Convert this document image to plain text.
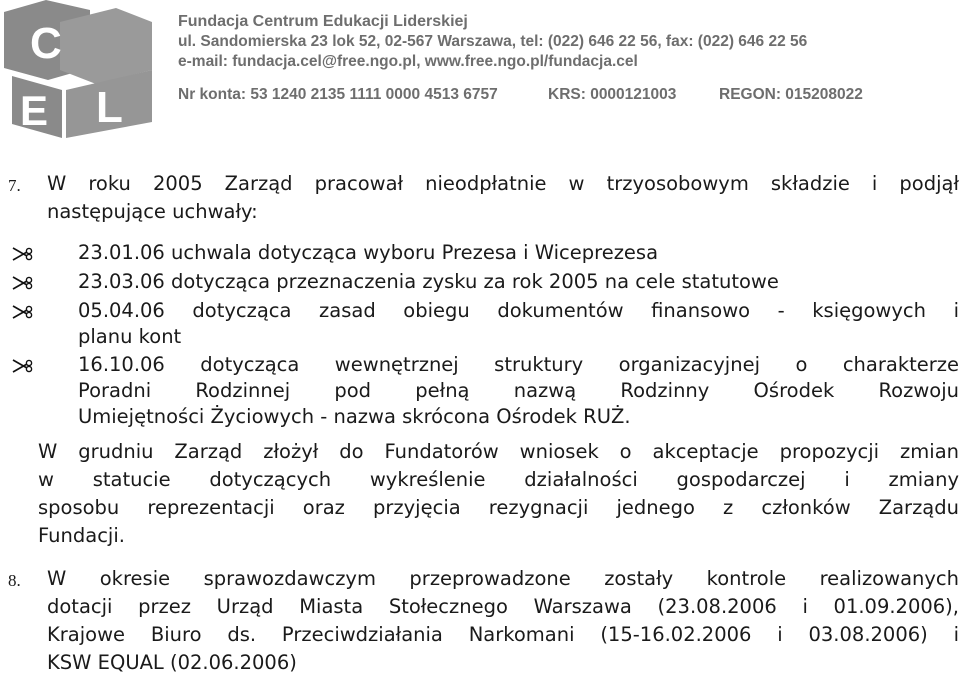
C
E L
Fundacja Centrum Edukacji Liderskiej
ul. Sandomierska 23 lok 52, 02-567 Warszawa, tel: (022) 646 22 56, fax: (022) 646 22 56
e-mail: fundacja.cel@free.ngo.pl, www.free.ngo.pl/fundacja.cel
Nr konta: 53 1240 2135 1111 0000 4513 6757	KRS: 0000121003	REGON: 015208022
7. W roku 2005 Zarząd pracował nieodpłatnie w trzyosobowym składzie i podjął

następujące uchwały:

23.01.06 uchwala dotycząca wyboru Prezesa i Wiceprezesa

23.03.06 dotycząca przeznaczenia zysku za rok 2005 na cele statutowe

05.04.06 dotycząca zasad obiegu dokumentów finansowo - księgowych i

planu kont

16.10.06 dotycząca wewnętrznej struktury organizacyjnej o charakterze

Poradni Rodzinnej pod pełną nazwą Rodzinny Ośrodek Rozwoju

Umiejętności Życiowych - nazwa skrócona Ośrodek RUŻ.

W grudniu Zarząd złożył do Fundatorów wniosek o akceptacje propozycji zmian

w statucie dotyczących wykreślenie działalności gospodarczej i zmiany

sposobu reprezentacji oraz przyjęcia rezygnacji jednego z członków Zarządu

Fundacji.

8. W okresie sprawozdawczym przeprowadzone zostały kontrole realizowanych

dotacji przez Urząd Miasta Stołecznego Warszawa (23.08.2006 i 01.09.2006),

Krajowe Biuro ds. Przeciwdziałania Narkomani (15-16.02.2006 i 03.08.2006) i

KSW EQUAL (02.06.2006)
